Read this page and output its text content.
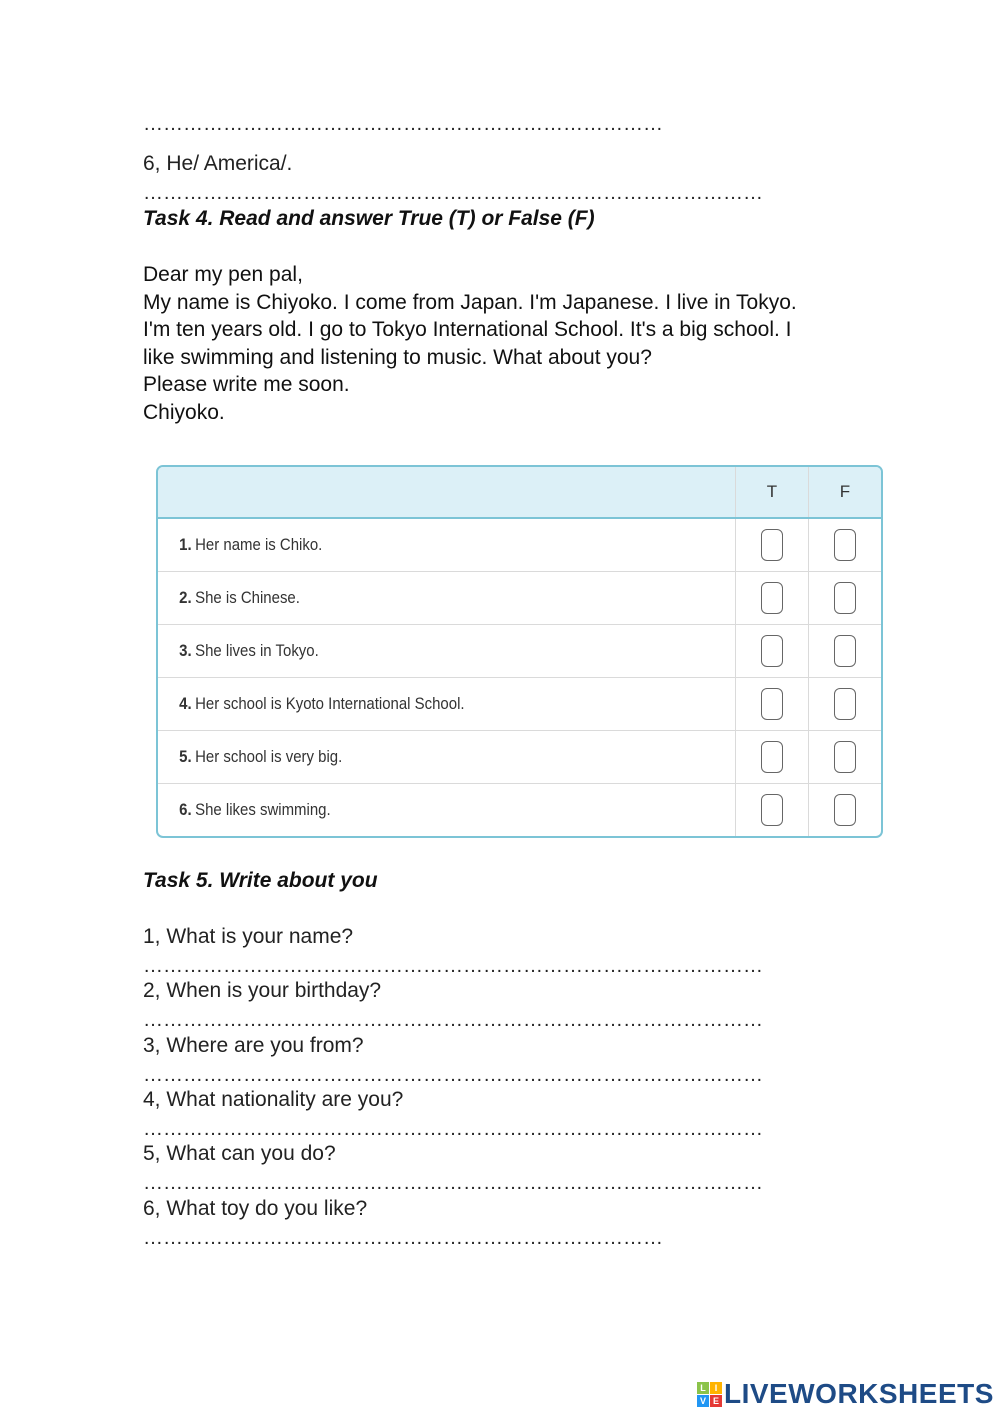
……………………………………………………………………
6, He/ America/.
…………………………………………………………………………………
Task 4. Read and answer True (T) or False (F)
Dear my pen pal,
My name is Chiyoko. I come from Japan. I'm Japanese. I live in Tokyo.
I'm ten years old. I go to Tokyo International School. It's a big school. I
like swimming and listening to music. What about you?
Please write me soon.
Chiyoko.
T	F
1. Her name is Chiko.
2. She is Chinese.
3. She lives in Tokyo.
4. Her school is Kyoto International School.
5. Her school is very big.
6. She likes swimming.
Task 5. Write about you
1, What is your name?
…………………………………………………………………………………
2, When is your birthday?
…………………………………………………………………………………
3, Where are you from?
…………………………………………………………………………………
4, What nationality are you?
…………………………………………………………………………………
5, What can you do?
…………………………………………………………………………………
6, What toy do you like?
……………………………………………………………………
L I
V E LIVEWORKSHEETS
